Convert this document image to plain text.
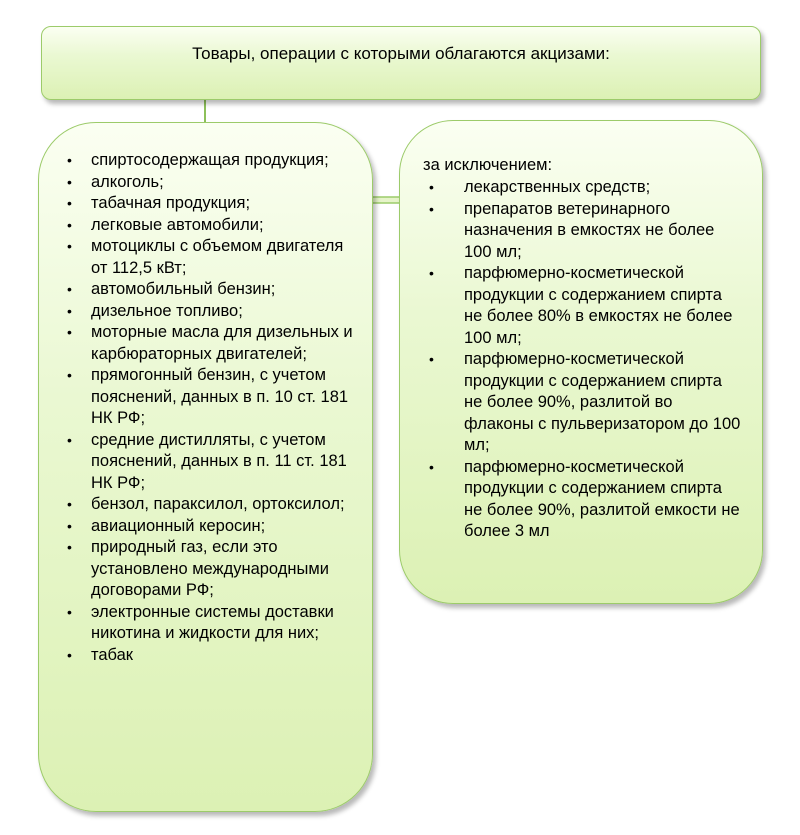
Товары, операции с которыми облагаются акцизами:
• спиртосодержащая продукция;
• алкоголь;
• табачная продукция;
• легковые автомобили;
• мотоциклы с объемом двигателя от 112,5 кВт;
• автомобильный бензин;
• дизельное топливо;
• моторные масла для дизельных и карбюраторных двигателей;
• прямогонный бензин, с учетом пояснений, данных в п. 10 ст. 181 НК РФ;
• средние дистилляты, с учетом пояснений, данных в п. 11 ст. 181 НК РФ;
• бензол, параксилол, ортоксилол;
• авиационный керосин;
• природный газ, если это установлено международными договорами РФ;
• электронные системы доставки никотина и жидкости для них;
• табак
за исключением:
• лекарственных средств;
• препаратов ветеринарного назначения в емкостях не более 100 мл;
• парфюмерно-косметической продукции с содержанием спирта не более 80% в емкостях не более 100 мл;
• парфюмерно-косметической продукции с содержанием спирта не более 90%, разлитой во флаконы с пульверизатором до 100 мл;
• парфюмерно-косметической продукции с содержанием спирта не более 90%, разлитой емкости не более 3 мл
